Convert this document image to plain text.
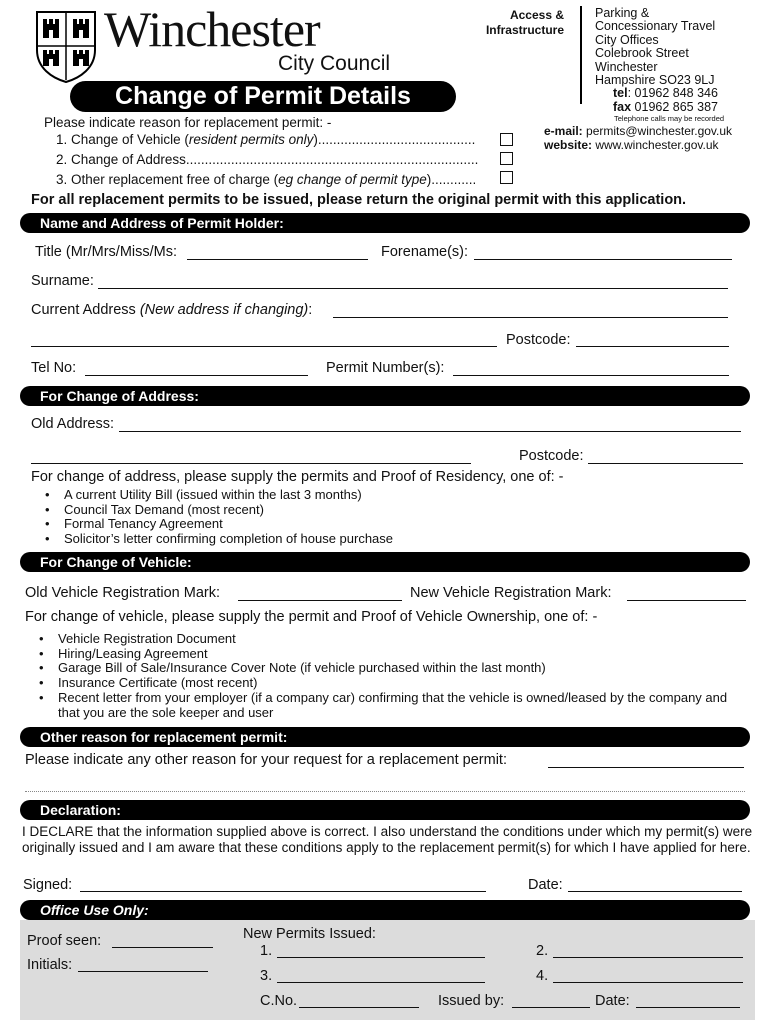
Winchester
City Council
Change of Permit Details
Access &
Infrastructure
Parking &
Concessionary Travel
City Offices
Colebrook Street
Winchester
Hampshire SO23 9LJ
tel: 01962 848 346
fax 01962 865 387
Telephone calls may be recorded
e-mail: permits@winchester.gov.uk
website: www.winchester.gov.uk
Please indicate reason for replacement permit: -
1. Change of Vehicle (resident permits only)..........................................
2. Change of Address..............................................................................
3. Other replacement free of charge (eg change of permit type)............
For all replacement permits to be issued, please return the original permit with this application.
Name and Address of Permit Holder:
Title (Mr/Mrs/Miss/Ms:	Forename(s):
Surname:
Current Address (New address if changing):
Postcode:
Tel No:	Permit Number(s):
For Change of Address:
Old Address:
Postcode:
For change of address, please supply the permits and Proof of Residency, one of: -
• A current Utility Bill (issued within the last 3 months)
• Council Tax Demand (most recent)
• Formal Tenancy Agreement
• Solicitor’s letter confirming completion of house purchase
For Change of Vehicle:
Old Vehicle Registration Mark:	New Vehicle Registration Mark:
For change of vehicle, please supply the permit and Proof of Vehicle Ownership, one of: -
• Vehicle Registration Document
• Hiring/Leasing Agreement
• Garage Bill of Sale/Insurance Cover Note (if vehicle purchased within the last month)
• Insurance Certificate (most recent)
• Recent letter from your employer (if a company car) confirming that the vehicle is owned/leased by the company and that you are the sole keeper and user
Other reason for replacement permit:
Please indicate any other reason for your request for a replacement permit:
Declaration:
I DECLARE that the information supplied above is correct. I also understand the conditions under which my permit(s) were originally issued and I am aware that these conditions apply to the replacement permit(s) for which I have applied for here.
Signed:	Date:
Office Use Only:
Proof seen:
Initials:
New Permits Issued:
1.	2.
3.	4.
C.No.	Issued by:	Date:
